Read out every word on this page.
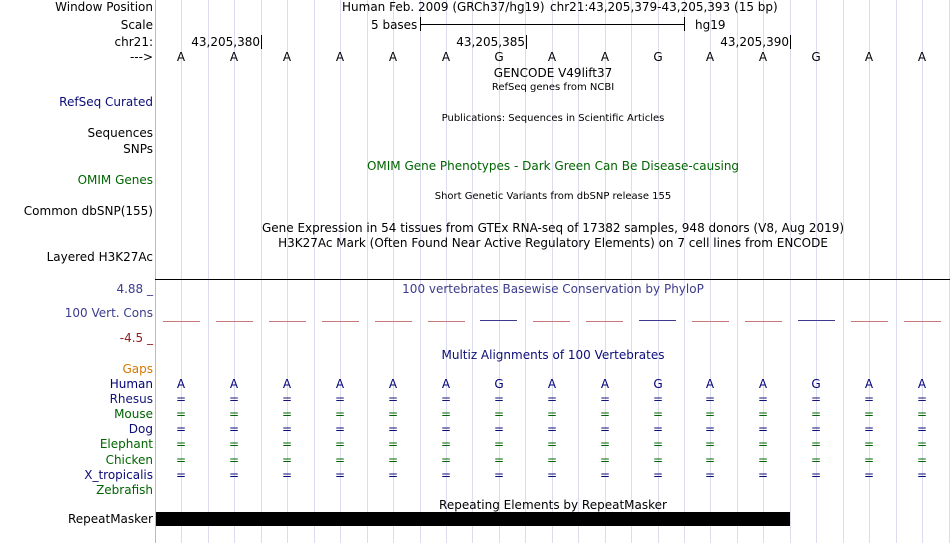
Window Position	Human Feb. 2009 (GRCh37/hg19) chr21:43,205,379-43,205,393 (15 bp)
Scale	5 bases	hg19
chr21:	43,205,380	43,205,385	43,205,390
---> A	A	A	A	A	A	G	A	A	G	A	A	G	A	A
GENCODE V49lift37
RefSeq genes from NCBI
RefSeq Curated
Publications: Sequences in Scientific Articles
Sequences
SNPs
OMIM Gene Phenotypes - Dark Green Can Be Disease-causing
OMIM Genes
Short Genetic Variants from dbSNP release 155
Common dbSNP(155)
Gene Expression in 54 tissues from GTEx RNA-seq of 17382 samples, 948 donors (V8, Aug 2019)
H3K27Ac Mark (Often Found Near Active Regulatory Elements) on 7 cell lines from ENCODE
Layered H3K27Ac
4.88 _	100 vertebrates Basewise Conservation by PhyloP
100 Vert. Cons
-4.5 _
Multiz Alignments of 100 Vertebrates
Gaps
Human A	A	A	A	A	A	G	A	A	G	A	A	G	A	A
Rhesus =	=	=	=	=	=	=	=	=	=	=	=	=	=	=
Mouse =	=	=	=	=	=	=	=	=	=	=	=	=	=	=
Dog =	=	=	=	=	=	=	=	=	=	=	=	=	=	=
Elephant =	=	=	=	=	=	=	=	=	=	=	=	=	=	=
Chicken =	=	=	=	=	=	=	=	=	=	=	=	=	=	=
X_tropicalis =	=	=	=	=	=	=	=	=	=	=	=	=	=	=
Zebrafish
Repeating Elements by RepeatMasker
RepeatMasker
